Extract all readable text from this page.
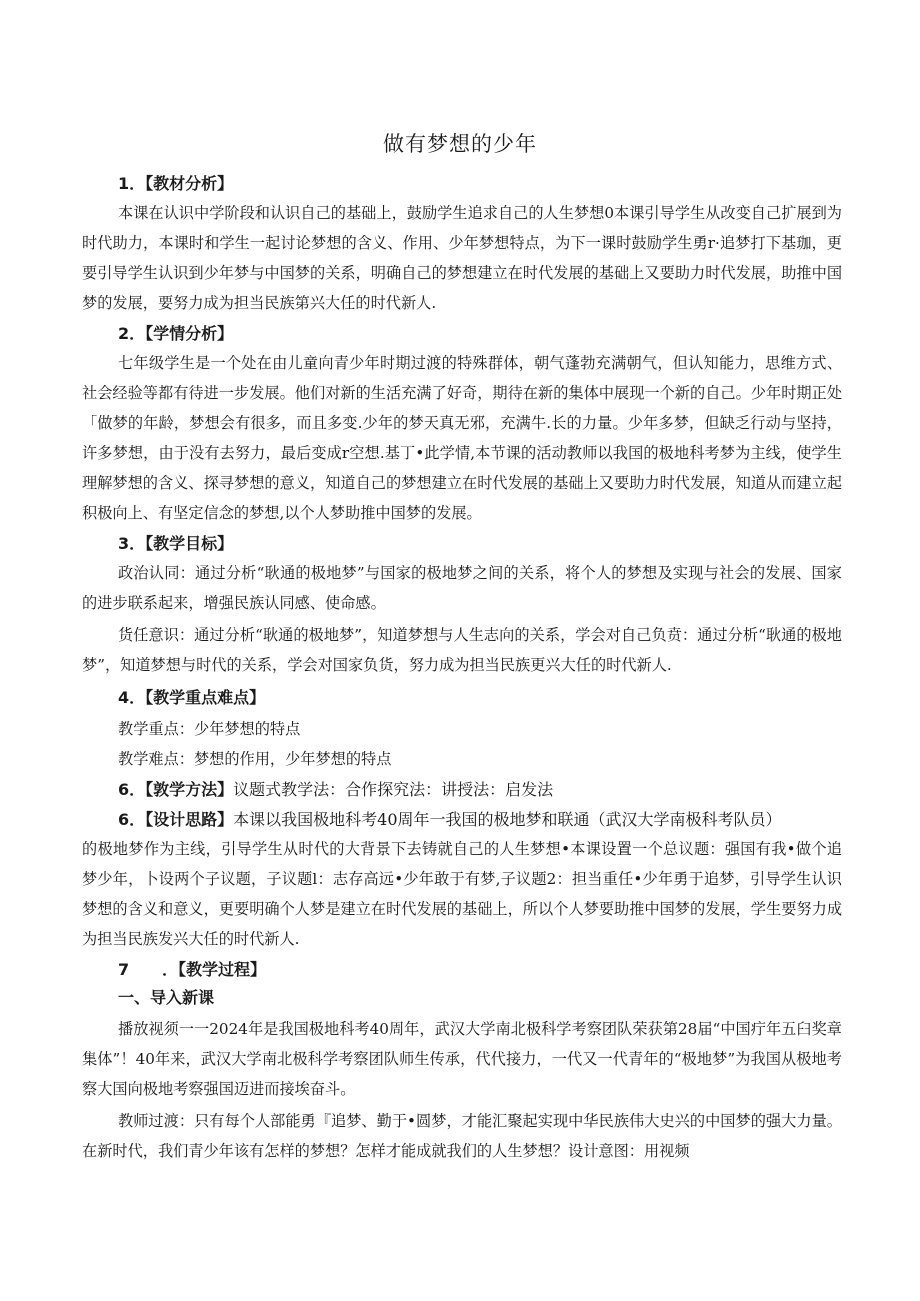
做有梦想的少年
1．【教材分析】

本课在认识中学阶段和认识自己的基础上，鼓励学生追求自己的人生梦想0本课引导学生从改变自己扩展到为时代助力，本课时和学生一起讨论梦想的含义、作用、少年梦想特点，为下一课时鼓励学生勇r·追梦打下基珈，更要引导学生认识到少年梦与中国梦的关系，明确自己的梦想建立在时代发展的基础上又要助力时代发展，助推中国梦的发展，要努力成为担当民族第兴大任的时代新人.

2．【学情分析】

七年级学生是一个处在由儿童向青少年时期过渡的特殊群体，朝气蓬勃充满朝气，但认知能力，思维方式、社会经验等都有待进一步发展。他们对新的生活充满了好奇，期待在新的集体中展现一个新的自己。少年时期正处「做梦的年龄，梦想会有很多，而且多变.少年的梦天真无邪，充满牛.长的力量。少年多梦，但缺乏行动与坚持，许多梦想，由于没有去努力，最后变成r空想.基丁•此学情,本节课的活动教师以我国的极地科考梦为主线，使学生理解梦想的含义、探寻梦想的意义，知道自己的梦想建立在时代发展的基础上又要助力时代发展，知道从而建立起积极向上、有坚定信念的梦想,以个人梦助推中国梦的发展。

3．【教学目标】

政治认同：通过分析“耿通的极地梦”与国家的极地梦之间的关系，将个人的梦想及实现与社会的发展、国家的进步联系起来，增强民族认同感、使命感。

货任意识：通过分析“耿通的极地梦”，知道梦想与人生志向的关系，学会对自己负贲：通过分析“耿通的极地梦”，知道梦想与时代的关系，学会对国家负货，努力成为担当民族更兴大任的时代新人.

4．【教学重点难点】

教学重点：少年梦想的特点

教学难点：梦想的作用，少年梦想的特点

6．【敦学方法】议题式教学法：合作探究法：讲授法：启发法
6．【设计思路】本课以我国极地科考40周年一我国的极地梦和联通（武汉大学南极科考队员）

的极地梦作为主线，引导学生从时代的大背景下去铸就自己的人生梦想•本课设置一个总议题：强国有我•做个追梦少年，卜设两个子议题，子议题l：志存高远•少年敢于有梦,子议题2：担当重任•少年勇于追梦，引导学生认识梦想的含义和意义，更要明确个人梦是建立在时代发展的基础上，所以个人梦要助推中国梦的发展，学生要努力成为担当民族发兴大任的时代新人.

7 ．【教学过程】
一、导入新课

播放视须一一2024年是我国极地科考40周年，武汉大学南北极科学考察团队荣获第28届“中国疔年五臼奖章集体”！40年来，武汉大学南北极科学考察团队师生传承，代代接力，一代又一代青年的“极地梦”为我国从极地考察大国向极地考察强国迈进而接埃奋斗。

教师过渡：只有每个人部能勇『追梦、勤于•圆梦，才能汇聚起实现中华民族伟大史兴的中国梦的强大力量。在新时代，我们青少年该有怎样的梦想？怎样才能成就我们的人生梦想？设计意图：用视频
